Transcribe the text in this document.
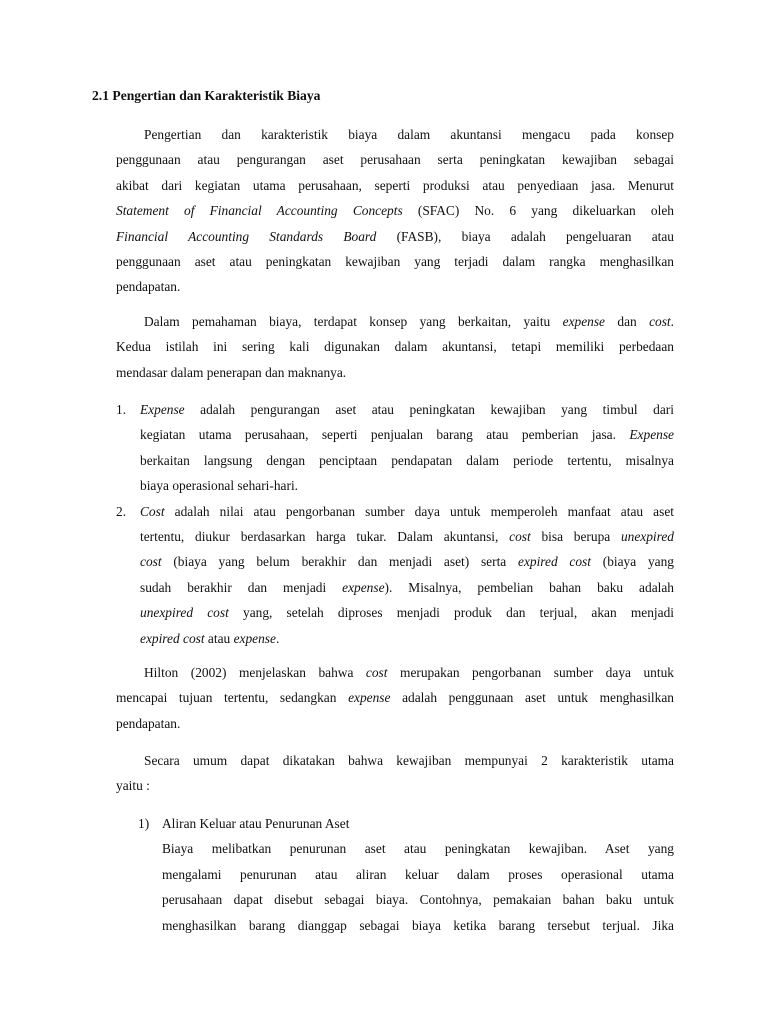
2.1 Pengertian dan Karakteristik Biaya
Pengertian dan karakteristik biaya dalam akuntansi mengacu pada konsep
penggunaan atau pengurangan aset perusahaan serta peningkatan kewajiban sebagai
akibat dari kegiatan utama perusahaan, seperti produksi atau penyediaan jasa. Menurut
Statement of Financial Accounting Concepts (SFAC) No. 6 yang dikeluarkan oleh
Financial Accounting Standards Board (FASB), biaya adalah pengeluaran atau
penggunaan aset atau peningkatan kewajiban yang terjadi dalam rangka menghasilkan
pendapatan.
Dalam pemahaman biaya, terdapat konsep yang berkaitan, yaitu expense dan cost.
Kedua istilah ini sering kali digunakan dalam akuntansi, tetapi memiliki perbedaan
mendasar dalam penerapan dan maknanya.
1. Expense adalah pengurangan aset atau peningkatan kewajiban yang timbul dari
kegiatan utama perusahaan, seperti penjualan barang atau pemberian jasa. Expense
berkaitan langsung dengan penciptaan pendapatan dalam periode tertentu, misalnya
biaya operasional sehari-hari.
2. Cost adalah nilai atau pengorbanan sumber daya untuk memperoleh manfaat atau aset
tertentu, diukur berdasarkan harga tukar. Dalam akuntansi, cost bisa berupa unexpired
cost (biaya yang belum berakhir dan menjadi aset) serta expired cost (biaya yang
sudah berakhir dan menjadi expense). Misalnya, pembelian bahan baku adalah
unexpired cost yang, setelah diproses menjadi produk dan terjual, akan menjadi
expired cost atau expense.
Hilton (2002) menjelaskan bahwa cost merupakan pengorbanan sumber daya untuk
mencapai tujuan tertentu, sedangkan expense adalah penggunaan aset untuk menghasilkan
pendapatan.
Secara umum dapat dikatakan bahwa kewajiban mempunyai 2 karakteristik utama
yaitu :
1) Aliran Keluar atau Penurunan Aset
Biaya melibatkan penurunan aset atau peningkatan kewajiban. Aset yang
mengalami penurunan atau aliran keluar dalam proses operasional utama
perusahaan dapat disebut sebagai biaya. Contohnya, pemakaian bahan baku untuk
menghasilkan barang dianggap sebagai biaya ketika barang tersebut terjual. Jika
